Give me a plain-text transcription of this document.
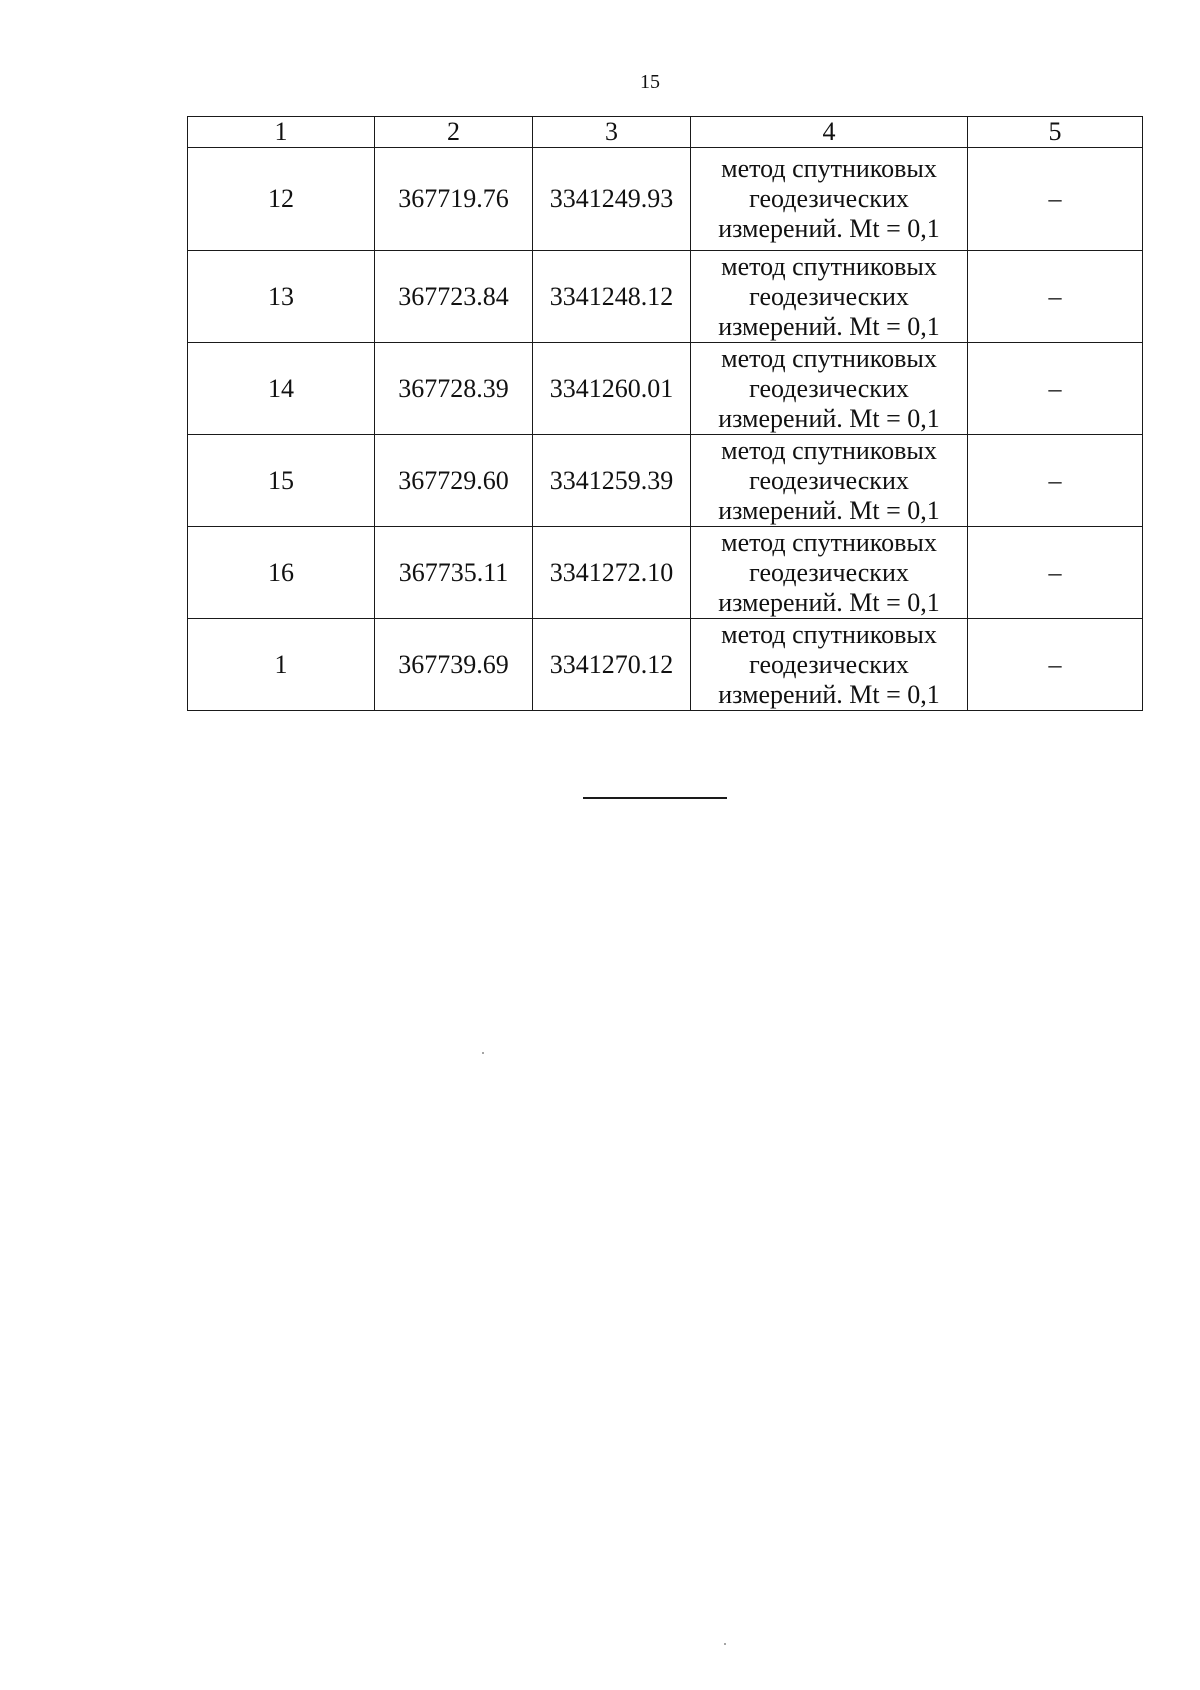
15
1	2	3	4	5
12	367719.76	3341249.93	метод спутниковых
геодезических
измерений. Mt = 0,1	–
13	367723.84	3341248.12	метод спутниковых
геодезических
измерений. Mt = 0,1	–
14	367728.39	3341260.01	метод спутниковых
геодезических
измерений. Mt = 0,1	–
15	367729.60	3341259.39	метод спутниковых
геодезических
измерений. Mt = 0,1	–
16	367735.11	3341272.10	метод спутниковых
геодезических
измерений. Mt = 0,1	–
1	367739.69	3341270.12	метод спутниковых
геодезических
измерений. Mt = 0,1	–
